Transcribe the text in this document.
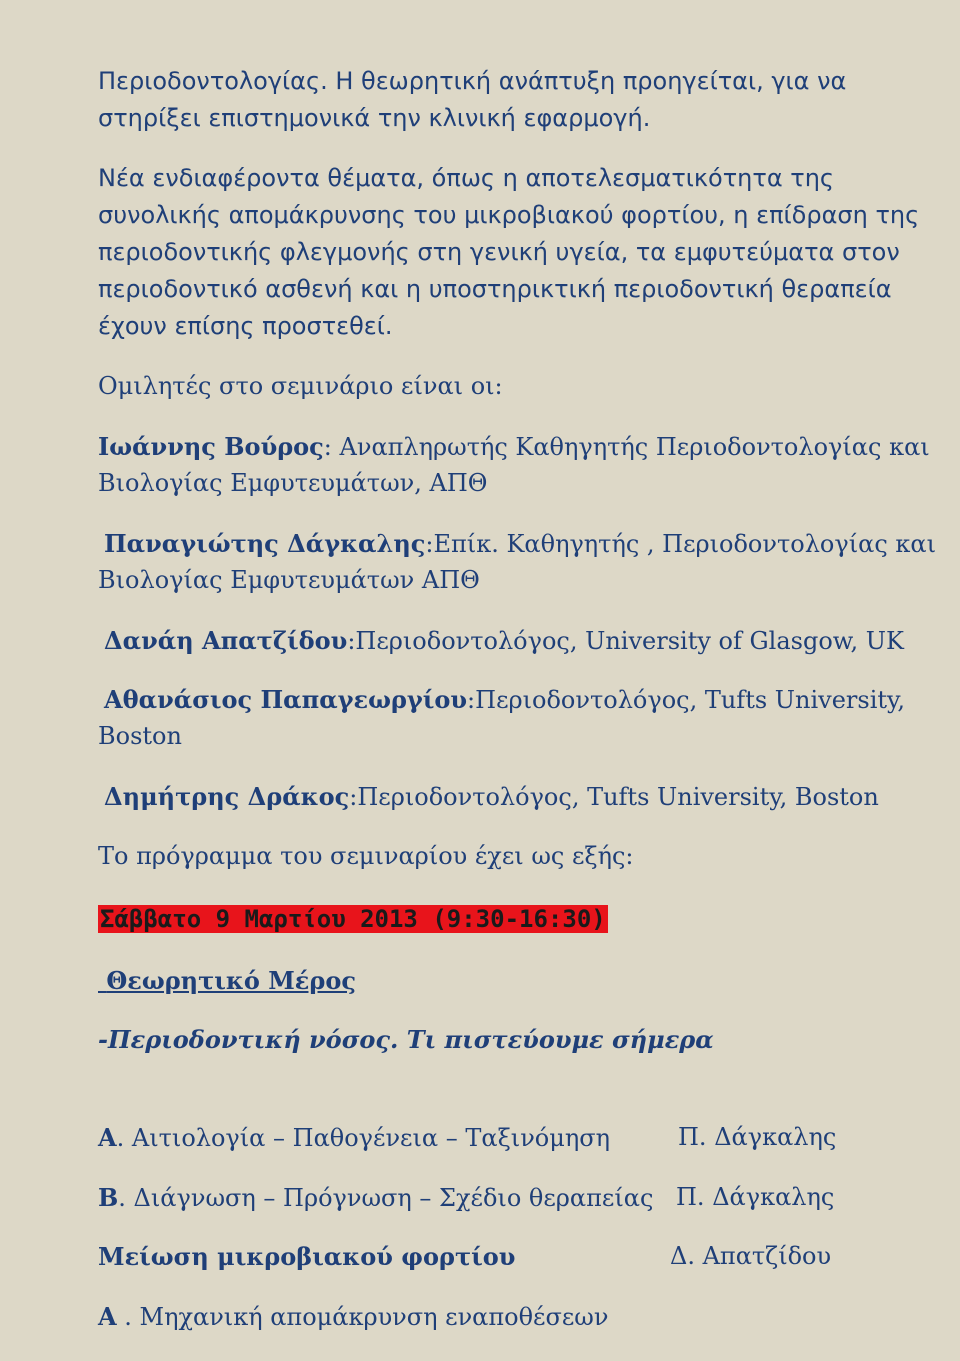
Περιοδοντολογίας. Η θεωρητική ανάπτυξη προηγείται, για να
στηρίξει επιστημονικά την κλινική εφαρμογή.
Νέα ενδιαφέροντα θέματα, όπως η αποτελεσματικότητα της
συνολικής απομάκρυνσης του μικροβιακού φορτίου, η επίδραση της
περιοδοντικής φλεγμονής στη γενική υγεία, τα εμφυτεύματα στον
περιοδοντικό ασθενή και η υποστηρικτική περιοδοντική θεραπεία
έχουν επίσης προστεθεί.
Ομιλητές στο σεμινάριο είναι οι:
Ιωάννης Βούρος: Αναπληρωτής Καθηγητής Περιοδοντολογίας και
Βιολογίας Εμφυτευμάτων, ΑΠΘ
Παναγιώτης Δάγκαλης:Επίκ. Καθηγητής , Περιοδοντολογίας και
Βιολογίας Εμφυτευμάτων ΑΠΘ
Δανάη Απατζίδου:Περιοδοντολόγος, University of Glasgow, UK
Αθανάσιος Παπαγεωργίου:Περιοδοντολόγος, Tufts University,
Boston
Δημήτρης Δράκος:Περιοδοντολόγος, Tufts University, Boston
Το πρόγραμμα του σεμιναρίου έχει ως εξής:
Σάββατο 9 Μαρτίου 2013 (9:30-16:30)
Θεωρητικό Μέρος
-Περιοδοντική νόσος. Τι πιστεύουμε σήμερα
Α. Αιτιολογία – Παθογένεια – Ταξινόμηση	Π. Δάγκαλης
Β. Διάγνωση – Πρόγνωση – Σχέδιο θεραπείας Π. Δάγκαλης
Μείωση μικροβιακού φορτίου	Δ. Απατζίδου
Α . Μηχανική απομάκρυνση εναποθέσεων
